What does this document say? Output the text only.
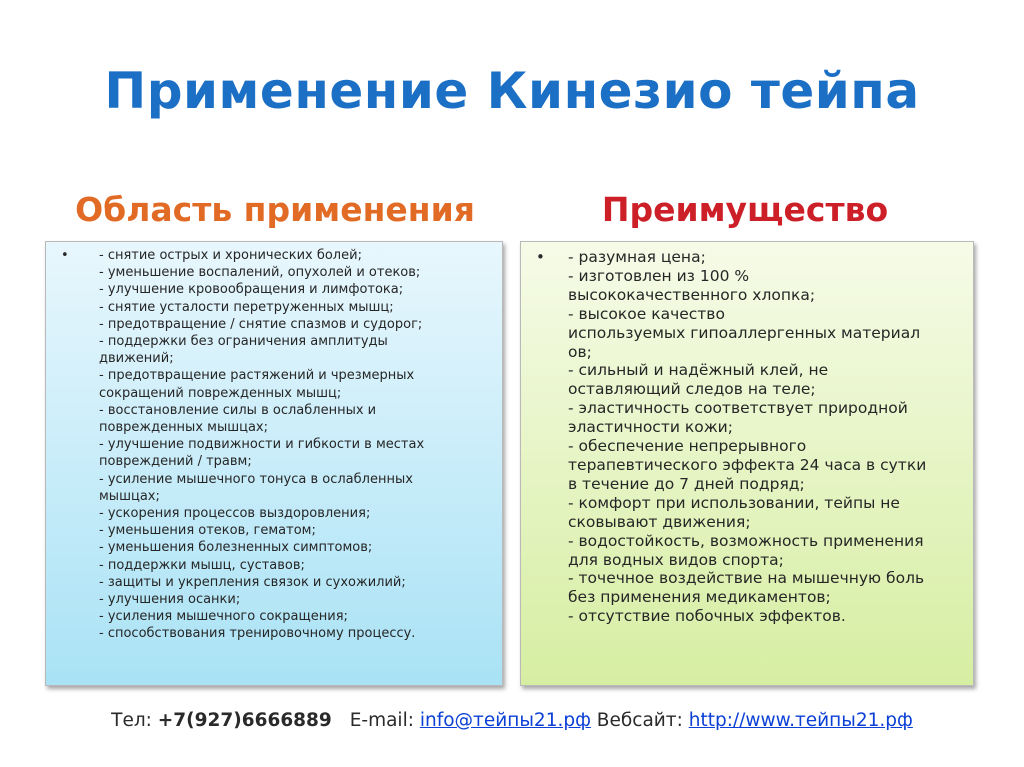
Применение Кинезио тейпа
Область применения	Преимущество
•	- снятие острых и хронических болей;
- уменьшение воспалений, опухолей и отеков;
- улучшение кровообращения и лимфотока;
- снятие усталости перетруженных мышц;
- предотвращение / снятие спазмов и судорог;
- поддержки без ограничения амплитуды
движений;
- предотвращение растяжений и чрезмерных
сокращений поврежденных мышц;
- восстановление силы в ослабленных и
поврежденных мышцах;
- улучшение подвижности и гибкости в местах
повреждений / травм;
- усиление мышечного тонуса в ослабленных
мышцах;
- ускорения процессов выздоровления;
- уменьшения отеков, гематом;
- уменьшения болезненных симптомов;
- поддержки мышц, суставов;
- защиты и укрепления связок и сухожилий;
- улучшения осанки;
- усиления мышечного сокращения;
- способствования тренировочному процессу.
•	- разумная цена;
- изготовлен из 100 %
высококачественного хлопка;
- высокое качество
используемых гипоаллергенных материал
ов;
- сильный и надёжный клей, не
оставляющий следов на теле;
- эластичность соответствует природной
эластичности кожи;
- обеспечение непрерывного
терапевтического эффекта 24 часа в сутки
в течение до 7 дней подряд;
- комфорт при использовании, тейпы не
сковывают движения;
- водостойкость, возможность применения
для водных видов спорта;
- точечное воздействие на мышечную боль
без применения медикаментов;
- отсутствие побочных эффектов.
Тел: +7(927)6666889 E-mail: info@тейпы21.рф Вебсайт: http://www.тейпы21.рф
